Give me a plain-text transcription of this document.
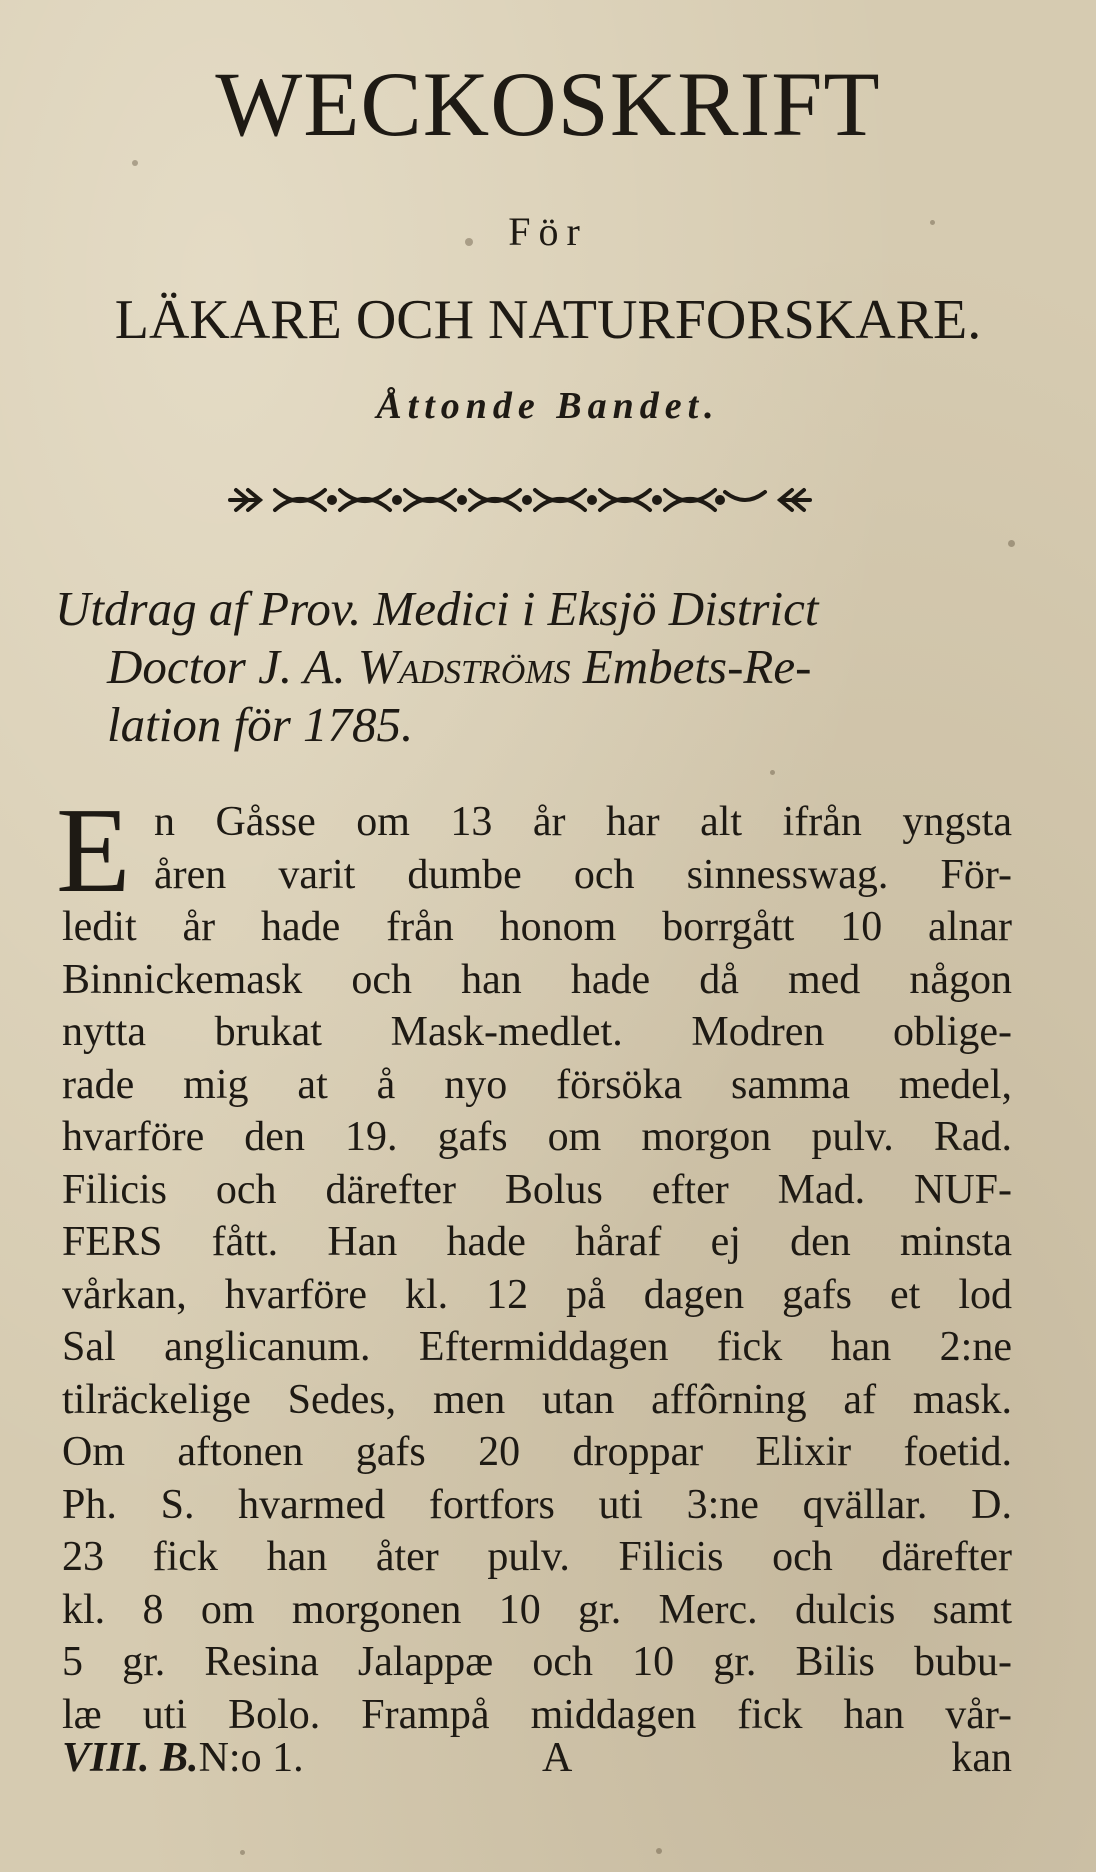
WECKOSKRIFT
För
LÄKARE OCH NATURFORSKARE.
Åttonde Bandet.
Utdrag af Prov. Medici i Eksjö District
Doctor J. A. Wadströms Embets-Re-
lation för 1785.
E n Gåsse om 13 år har alt ifrån yngsta
åren varit dumbe och sinnesswag. För-
ledit år hade från honom borrgått 10 alnar
Binnickemask och han hade då med någon
nytta brukat Mask-medlet. Modren oblige-
rade mig at å nyo försöka samma medel,
hvarföre den 19. gafs om morgon pulv. Rad.
Filicis och därefter Bolus efter Mad. NUF-
FERS fått. Han hade håraf ej den minsta
vårkan, hvarföre kl. 12 på dagen gafs et lod
Sal anglicanum. Eftermiddagen fick han 2:ne
tilräckelige Sedes, men utan affôrning af mask.
Om aftonen gafs 20 droppar Elixir foetid.
Ph. S. hvarmed fortfors uti 3:ne qvällar. D.
23 fick han åter pulv. Filicis och därefter
kl. 8 om morgonen 10 gr. Merc. dulcis samt
5 gr. Resina Jalappæ och 10 gr. Bilis bubu-
læ uti Bolo. Frampå middagen fick han vår-
VIII. B.N:o 1.	A	kan
